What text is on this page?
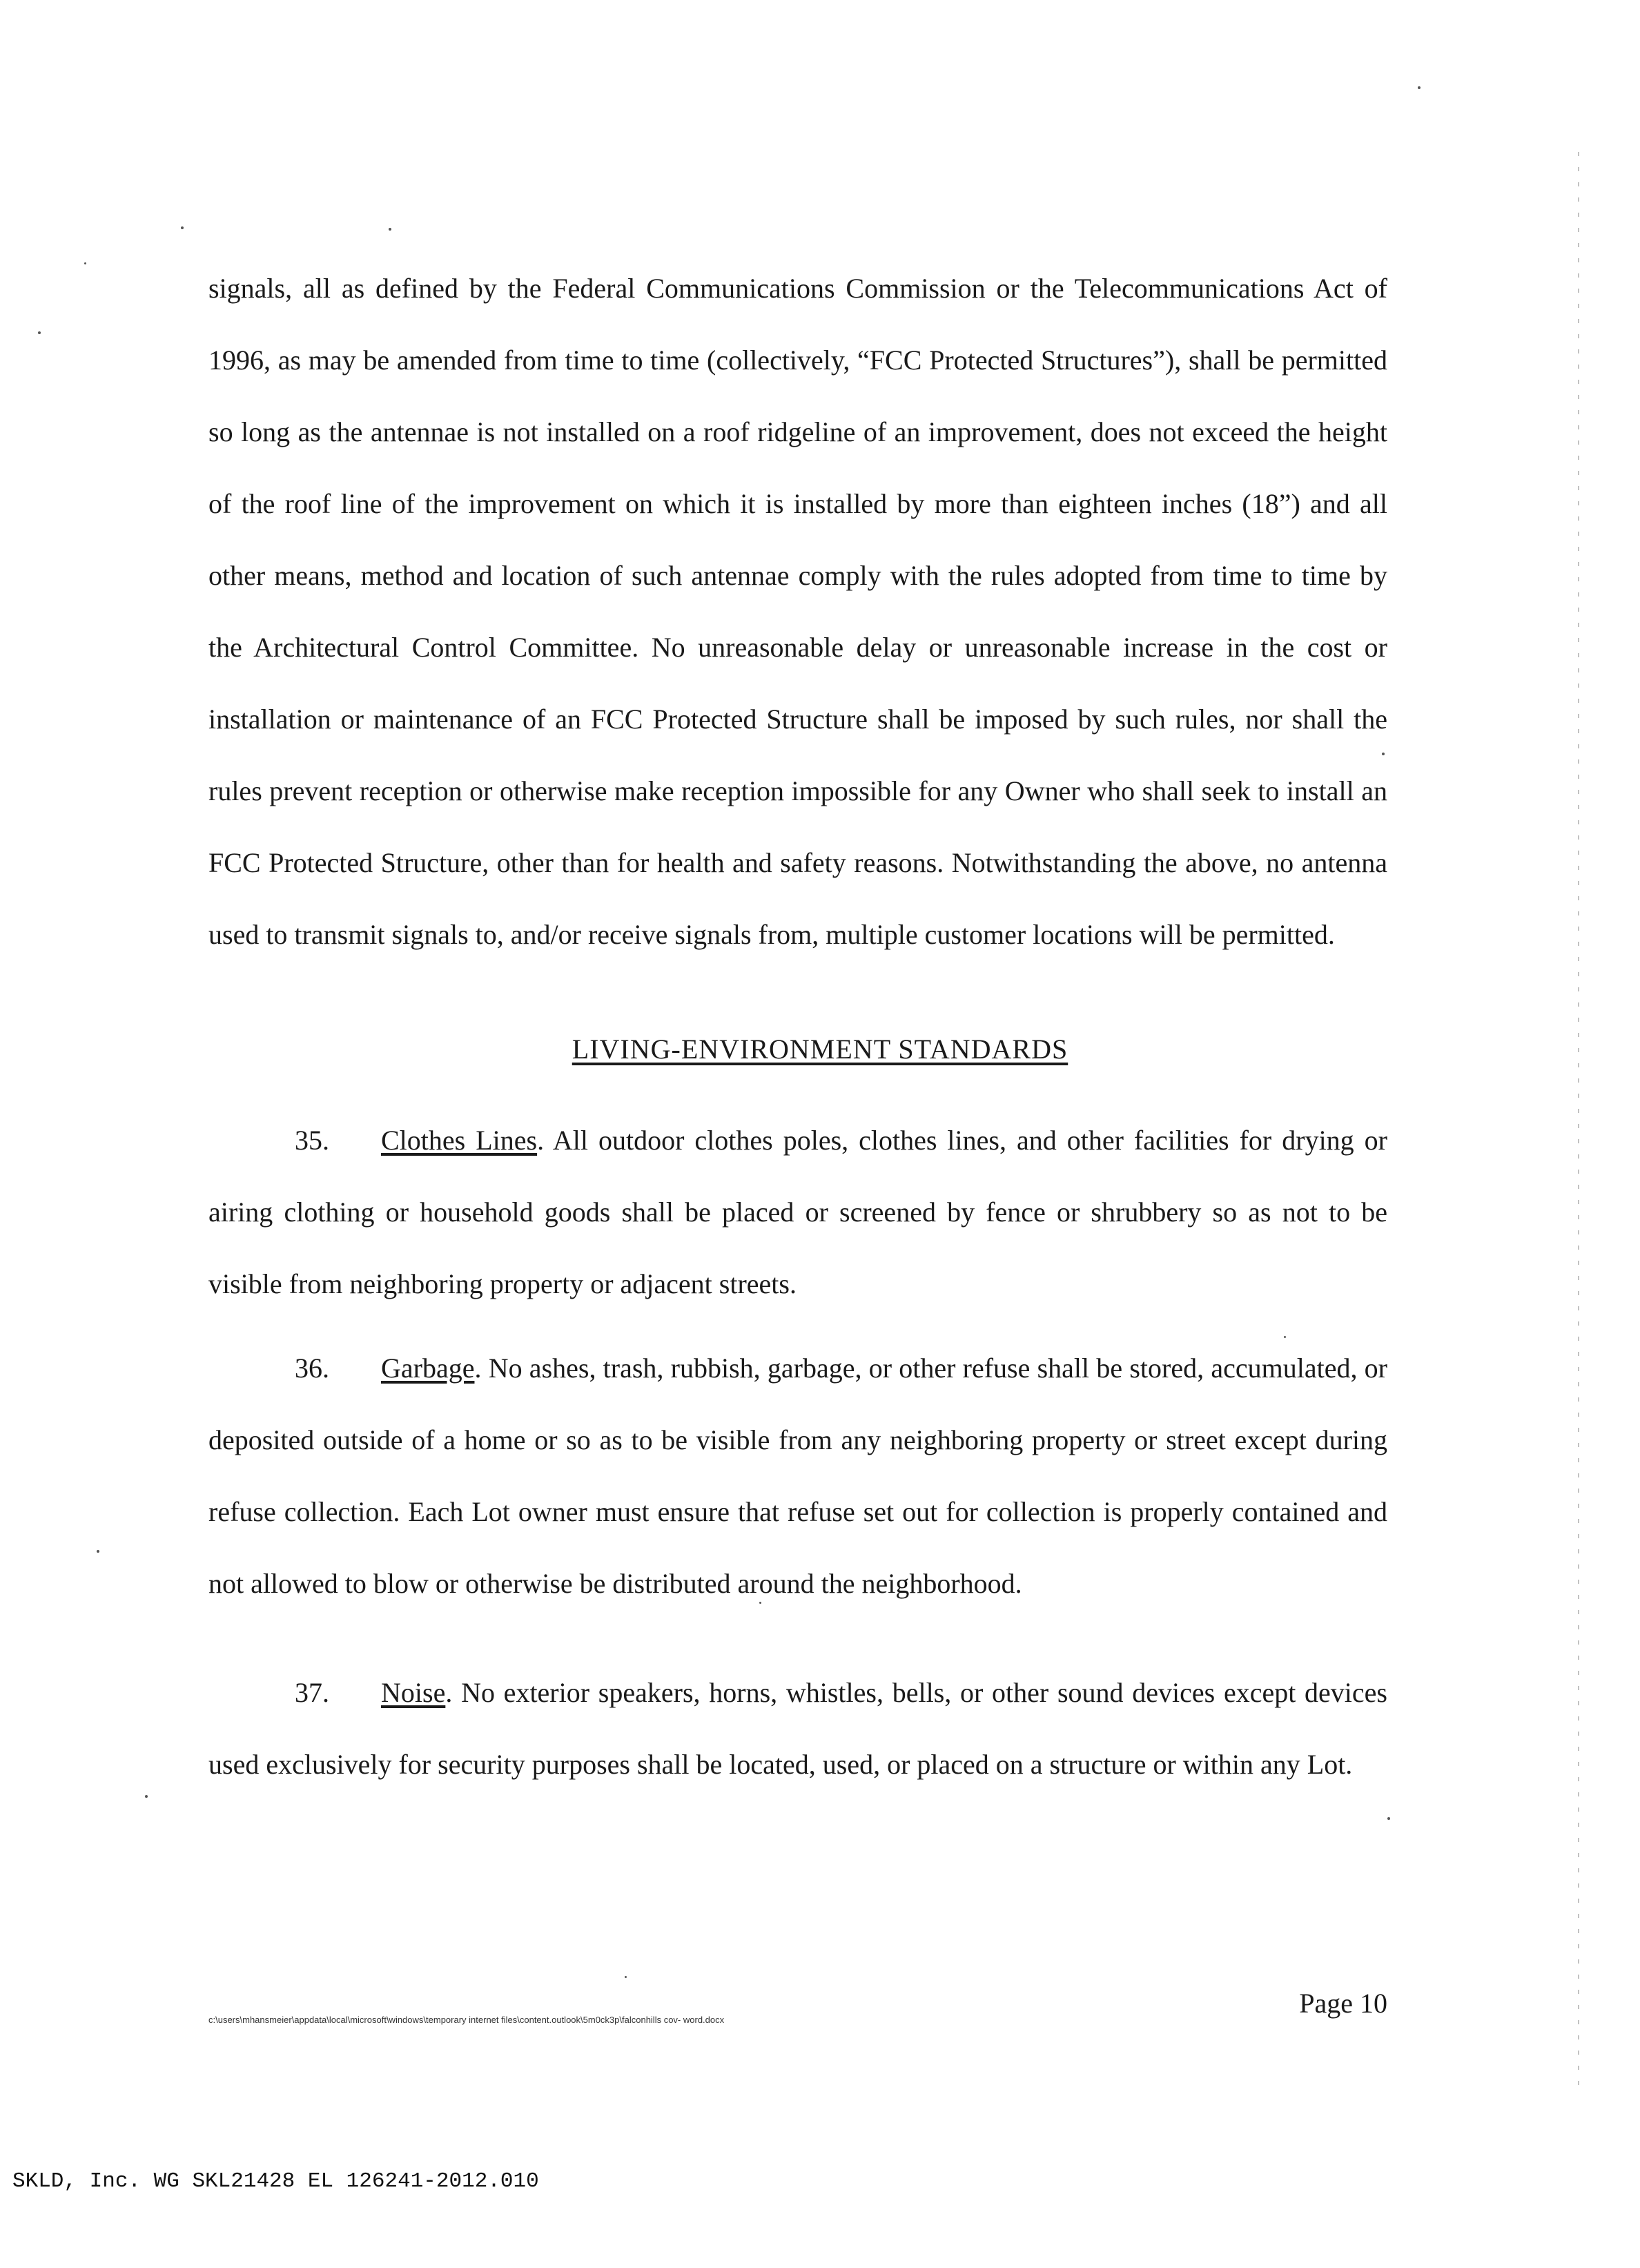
signals, all as defined by the Federal Communications Commission or the Telecommunications Act of 1996, as may be amended from time to time (collectively, “FCC Protected Structures”), shall be permitted so long as the antennae is not installed on a roof ridgeline of an improvement, does not exceed the height of the roof line of the improvement on which it is installed by more than eighteen inches (18”) and all other means, method and location of such antennae comply with the rules adopted from time to time by the Architectural Control Committee. No unreasonable delay or unreasonable increase in the cost or installation or maintenance of an FCC Protected Structure shall be imposed by such rules, nor shall the rules prevent reception or otherwise make reception impossible for any Owner who shall seek to install an FCC Protected Structure, other than for health and safety reasons. Notwithstanding the above, no antenna used to transmit signals to, and/or receive signals from, multiple customer locations will be permitted.

LIVING-ENVIRONMENT STANDARDS

35. Clothes Lines. All outdoor clothes poles, clothes lines, and other facilities for drying or airing clothing or household goods shall be placed or screened by fence or shrubbery so as not to be visible from neighboring property or adjacent streets.

36. Garbage. No ashes, trash, rubbish, garbage, or other refuse shall be stored, accumulated, or deposited outside of a home or so as to be visible from any neighboring property or street except during refuse collection. Each Lot owner must ensure that refuse set out for collection is properly contained and not allowed to blow or otherwise be distributed around the neighborhood.

37. Noise. No exterior speakers, horns, whistles, bells, or other sound devices except devices used exclusively for security purposes shall be located, used, or placed on a structure or within any Lot.

c:\users\mhansmeier\appdata\local\microsoft\windows\temporary internet files\content.outlook\5m0ck3p\falconhills cov- word.docx
Page 10
SKLD, Inc. WG SKL21428 EL 126241-2012.010
